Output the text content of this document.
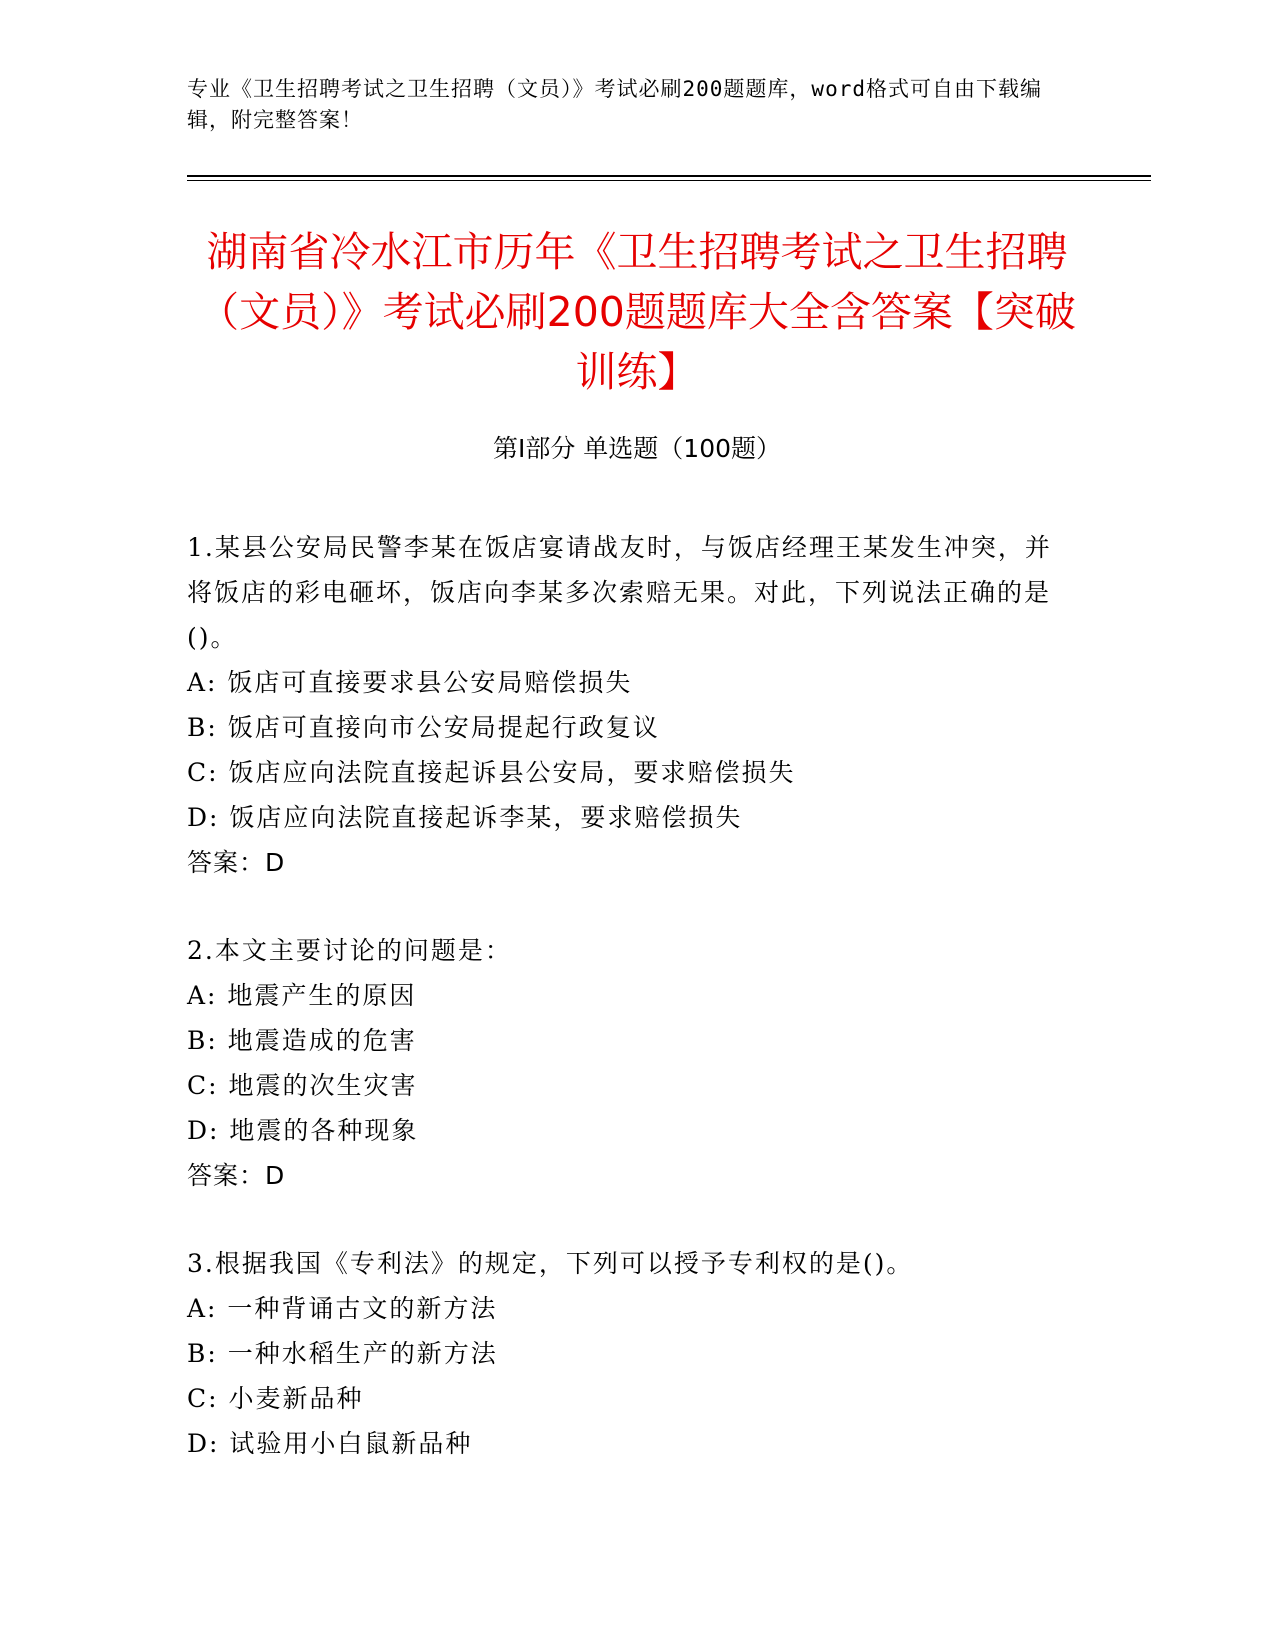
专业《卫生招聘考试之卫生招聘（文员）》考试必刷200题题库，word格式可自由下载编辑，附完整答案！
湖南省冷水江市历年《卫生招聘考试之卫生招聘（文员）》考试必刷200题题库大全含答案【突破训练】
第I部分 单选题（100题）
1.某县公安局民警李某在饭店宴请战友时，与饭店经理王某发生冲突，并将饭店的彩电砸坏，饭店向李某多次索赔无果。对此，下列说法正确的是()。
A: 饭店可直接要求县公安局赔偿损失
B: 饭店可直接向市公安局提起行政复议
C: 饭店应向法院直接起诉县公安局，要求赔偿损失
D: 饭店应向法院直接起诉李某，要求赔偿损失
答案：D
2.本文主要讨论的问题是：
A: 地震产生的原因
B: 地震造成的危害
C: 地震的次生灾害
D: 地震的各种现象
答案：D
3.根据我国《专利法》的规定，下列可以授予专利权的是()。
A: 一种背诵古文的新方法
B: 一种水稻生产的新方法
C: 小麦新品种
D: 试验用小白鼠新品种
